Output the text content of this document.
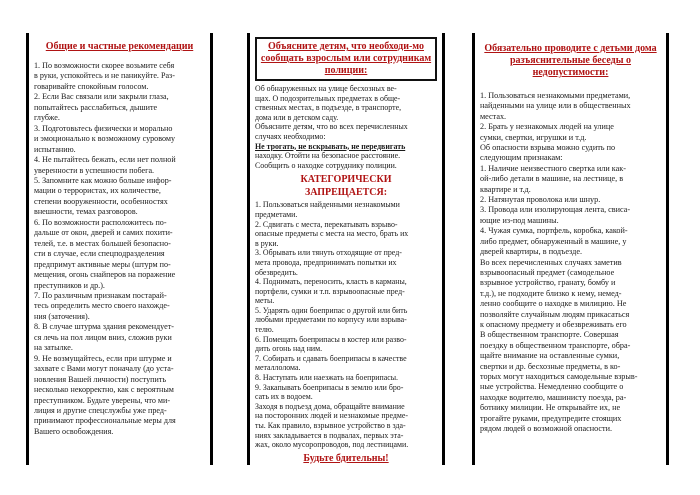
Общие и частные рекомендации
1. По возможности скорее возьмите себя
в руки, успокойтесь и не паникуйте. Раз-
говаривайте спокойным голосом.
2. Если Вас связали или закрыли глаза,
попытайтесь расслабиться, дышите
глубже.
3. Подготовьтесь физически и морально
и эмоционально к возможному суровому
испытанию.
4. Не пытайтесь бежать, если нет полной
уверенности в успешности побега.
5. Запомните как можно больше инфор-
мации о террористах, их количестве,
степени вооруженности, особенностях
внешности, темах разговоров.
6. По возможности расположитесь по-
дальше от окон, дверей и самих похити-
телей, т.е. в местах большей безопасно-
сти в случае, если спецподразделения
предпримут активные меры (штурм по-
мещения, огонь снайперов на поражение
преступников и др.).
7. По различным признакам постарай-
тесь определить место своего нахожде-
ния (заточения).
8. В случае штурма здания рекомендует-
ся лечь на пол лицом вниз, сложив руки
на затылке.
9. Не возмущайтесь, если при штурме и
захвате с Вами могут поначалу (до уста-
новления Вашей личности) поступить
несколько некорректно, как с вероятным
преступником. Будьте уверены, что ми-
лиция и другие спецслужбы уже пред-
принимают профессиональные меры для
Вашего освобождения.
Объясните детям, что необходи-мо сообщать взрослым или сотрудникам полиции:
Об обнаруженных на улице бесхозных ве-
щах. О подозрительных предметах в обще-
ственных местах, в подъезде, в транспорте,
дома или в детском саду.
Объясните детям, что во всех перечисленных
случаях необходимо:
Не трогать, не вскрывать, не передвигать
находку. Отойти на безопасное расстояние.
Сообщить о находке сотруднику полиции.
КАТЕГОРИЧЕСКИ
ЗАПРЕЩАЕТСЯ:
1. Пользоваться найденными незнакомыми
предметами.
2. Сдвигать с места, перекатывать взрыво-
опасные предметы с места на место, брать их
в руки.
3. Обрывать или тянуть отходящие от пред-
мета провода, предпринимать попытки их
обезвредить.
4. Поднимать, переносить, класть в карманы,
портфели, сумки и т.п. взрывоопасные пред-
меты.
5. Ударять один боеприпас о другой или бить
любыми предметами по корпусу или взрыва-
телю.
6. Помещать боеприпасы в костер или разво-
дить огонь над ним.
7. Собирать и сдавать боеприпасы в качестве
металлолома.
8. Наступать или наезжать на боеприпасы.
9. Закапывать боеприпасы в землю или бро-
сать их в водоем.
Заходя в подъезд дома, обращайте внимание
на посторонних людей и незнакомые предме-
ты. Как правило, взрывное устройство в зда-
ниях закладывается в подвалах, первых эта-
жах, около мусоропроводов, под лестницами.
Будьте бдительны!
Обязательно проводите с детьми дома разъяснительные беседы о недопустимости:
1. Пользоваться незнакомыми предметами,
найденными на улице или в общественных
местах.
2. Брать у незнакомых людей на улице
сумки, свертки, игрушки и т.д.
Об опасности взрыва можно судить по
следующим признакам:
1. Наличие неизвестного свертка или как-
ой-либо детали в машине, на лестнице, в
квартире и т.д.
2. Натянутая проволока или шнур.
3. Провода или изолирующая лента, свиса-
ющие из-под машины.
4. Чужая сумка, портфель, коробка, какой-
либо предмет, обнаруженный в машине, у
дверей квартиры, в подъезде.
Во всех перечисленных случаях заметив
взрывоопасный предмет (самодельное
взрывное устройство, гранату, бомбу и
т.д.), не подходите близко к нему, немед-
ленно сообщите о находке в милицию. Не
позволяйте случайным людям прикасаться
к опасному предмету и обезвреживать его
В общественном транспорте. Совершая
поездку в общественном транспорте, обра-
щайте внимание на оставленные сумки,
свертки и др. бесхозные предметы, в ко-
торых могут находиться самодельные взрыв-
ные устройства. Немедленно сообщите о
находке водителю, машинисту поезда, ра-
ботнику милиции. Не открывайте их, не
трогайте руками, предупредите стоящих
рядом людей о возможной опасности.
